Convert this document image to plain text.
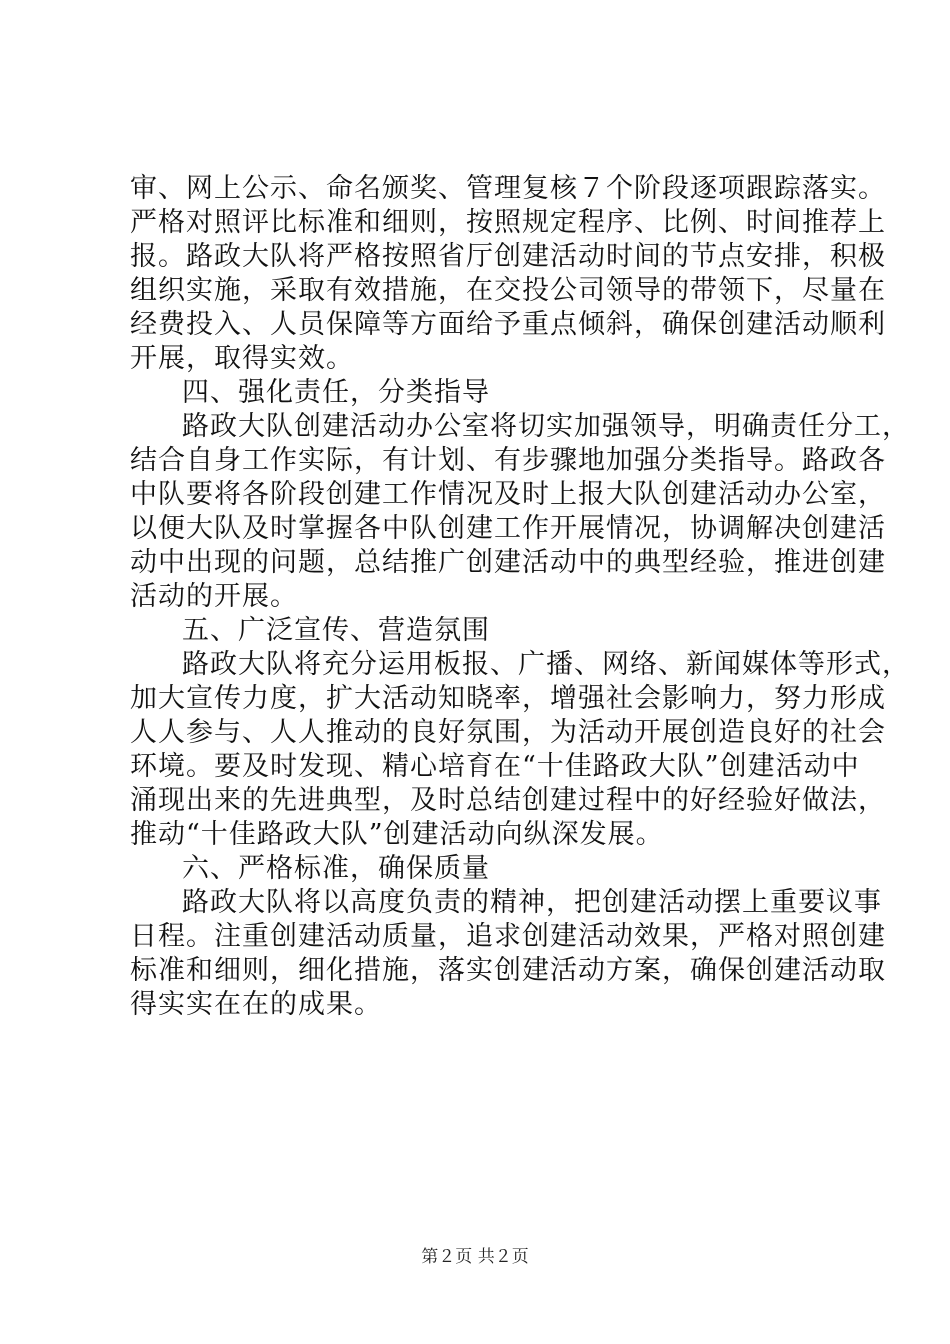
审、网上公示、命名颁奖、管理复核７个阶段逐项跟踪落实。
严格对照评比标准和细则，按照规定程序、比例、时间推荐上
报。路政大队将严格按照省厅创建活动时间的节点安排，积极
组织实施，采取有效措施，在交投公司领导的带领下，尽量在
经费投入、人员保障等方面给予重点倾斜，确保创建活动顺利
开展，取得实效。
四、强化责任，分类指导
路政大队创建活动办公室将切实加强领导，明确责任分工，
结合自身工作实际，有计划、有步骤地加强分类指导。路政各
中队要将各阶段创建工作情况及时上报大队创建活动办公室，
以便大队及时掌握各中队创建工作开展情况，协调解决创建活
动中出现的问题，总结推广创建活动中的典型经验，推进创建
活动的开展。
五、广泛宣传、营造氛围
路政大队将充分运用板报、广播、网络、新闻媒体等形式，
加大宣传力度，扩大活动知晓率，增强社会影响力，努力形成
人人参与、人人推动的良好氛围，为活动开展创造良好的社会
环境。要及时发现、精心培育在“十佳路政大队”创建活动中
涌现出来的先进典型，及时总结创建过程中的好经验好做法，
推动“十佳路政大队”创建活动向纵深发展。
六、严格标准，确保质量
路政大队将以高度负责的精神，把创建活动摆上重要议事
日程。注重创建活动质量，追求创建活动效果，严格对照创建
标准和细则，细化措施，落实创建活动方案，确保创建活动取
得实实在在的成果。
第２页 共２页
